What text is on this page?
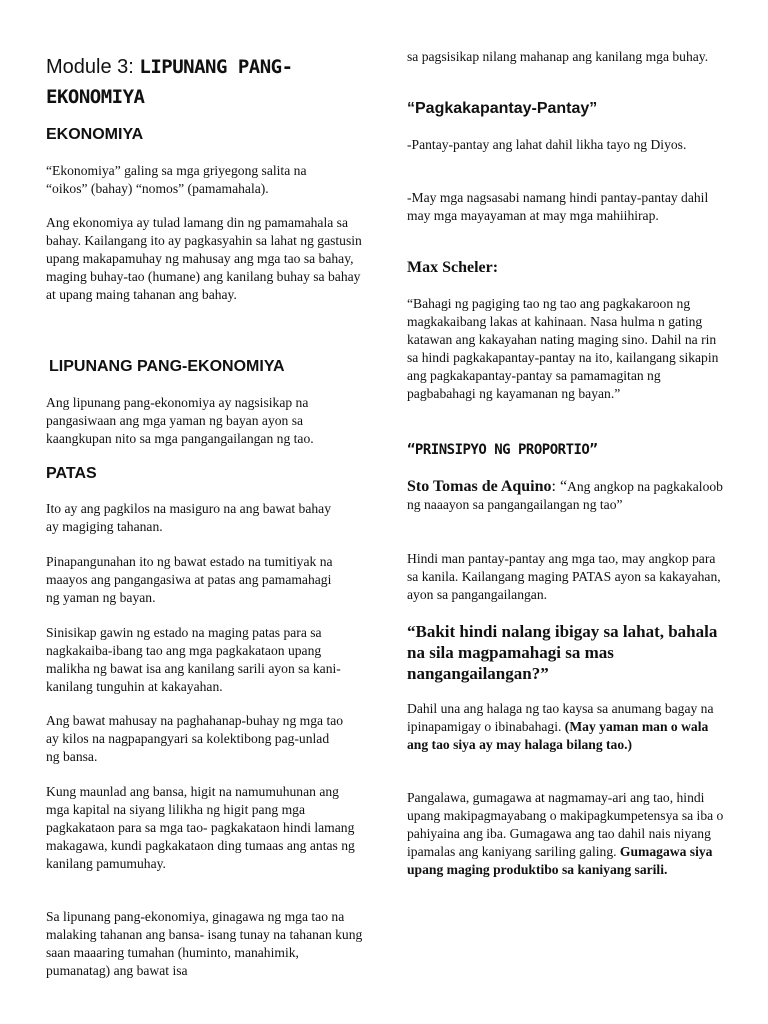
Module 3: LIPUNANG PANG-
EKONOMIYA
EKONOMIYA

“Ekonomiya” galing sa mga griyegong salita na “oikos” (bahay) “nomos” (pamamahala).

Ang ekonomiya ay tulad lamang din ng pamamahala sa bahay. Kailangang ito ay pagkasyahin sa lahat ng gastusin upang makapamuhay ng mahusay ang mga tao sa bahay, maging buhay-tao (humane) ang kanilang buhay sa bahay at upang maing tahanan ang bahay.

LIPUNANG PANG-EKONOMIYA

Ang lipunang pang-ekonomiya ay nagsisikap na pangasiwaan ang mga yaman ng bayan ayon sa kaangkupan nito sa mga pangangailangan ng tao.

PATAS

Ito ay ang pagkilos na masiguro na ang bawat bahay ay magiging tahanan.

Pinapangunahan ito ng bawat estado na tumitiyak na maayos ang pangangasiwa at patas ang pamamahagi ng yaman ng bayan.

Sinisikap gawin ng estado na maging patas para sa nagkakaiba-ibang tao ang mga pagkakataon upang malikha ng bawat isa ang kanilang sarili ayon sa kani-kanilang tunguhin at kakayahan.

Ang bawat mahusay na paghahanap-buhay ng mga tao ay kilos na nagpapangyari sa kolektibong pag-unlad ng bansa.

Kung maunlad ang bansa, higit na namumuhunan ang mga kapital na siyang lilikha ng higit pang mga pagkakataon para sa mga tao- pagkakataon hindi lamang makagawa, kundi pagkakataon ding tumaas ang antas ng kanilang pamumuhay.

Sa lipunang pang-ekonomiya, ginagawa ng mga tao na malaking tahanan ang bansa- isang tunay na tahanan kung saan maaaring tumahan (huminto, manahimik, pumanatag) ang bawat isa

sa pagsisikap nilang mahanap ang kanilang mga buhay.

“Pagkakapantay-Pantay”

-Pantay-pantay ang lahat dahil likha tayo ng Diyos.

-May mga nagsasabi namang hindi pantay-pantay dahil may mga mayayaman at may mga mahiihirap.

Max Scheler:

“Bahagi ng pagiging tao ng tao ang pagkakaroon ng magkakaibang lakas at kahinaan. Nasa hulma n gating katawan ang kakayahan nating maging sino. Dahil na rin sa hindi pagkakapantay-pantay na ito, kailangang sikapin ang pagkakapantay-pantay sa pamamagitan ng pagbabahagi ng kayamanan ng bayan.”

“PRINSIPYO NG PROPORTIO”

Sto Tomas de Aquino: “Ang angkop na pagkakaloob ng naaayon sa pangangailangan ng tao”

Hindi man pantay-pantay ang mga tao, may angkop para sa kanila. Kailangang maging PATAS ayon sa kakayahan, ayon sa pangangailangan.

“Bakit hindi nalang ibigay sa lahat, bahala na sila magpamahagi sa mas nangangailangan?”

Dahil una ang halaga ng tao kaysa sa anumang bagay na ipinapamigay o ibinabahagi. (May yaman man o wala ang tao siya ay may halaga bilang tao.)

Pangalawa, gumagawa at nagmamay-ari ang tao, hindi upang makipagmayabang o makipagkumpetensya sa iba o pahiyaina ang iba. Gumagawa ang tao dahil nais niyang ipamalas ang kaniyang sariling galing. Gumagawa siya upang maging produktibo sa kaniyang sarili.
